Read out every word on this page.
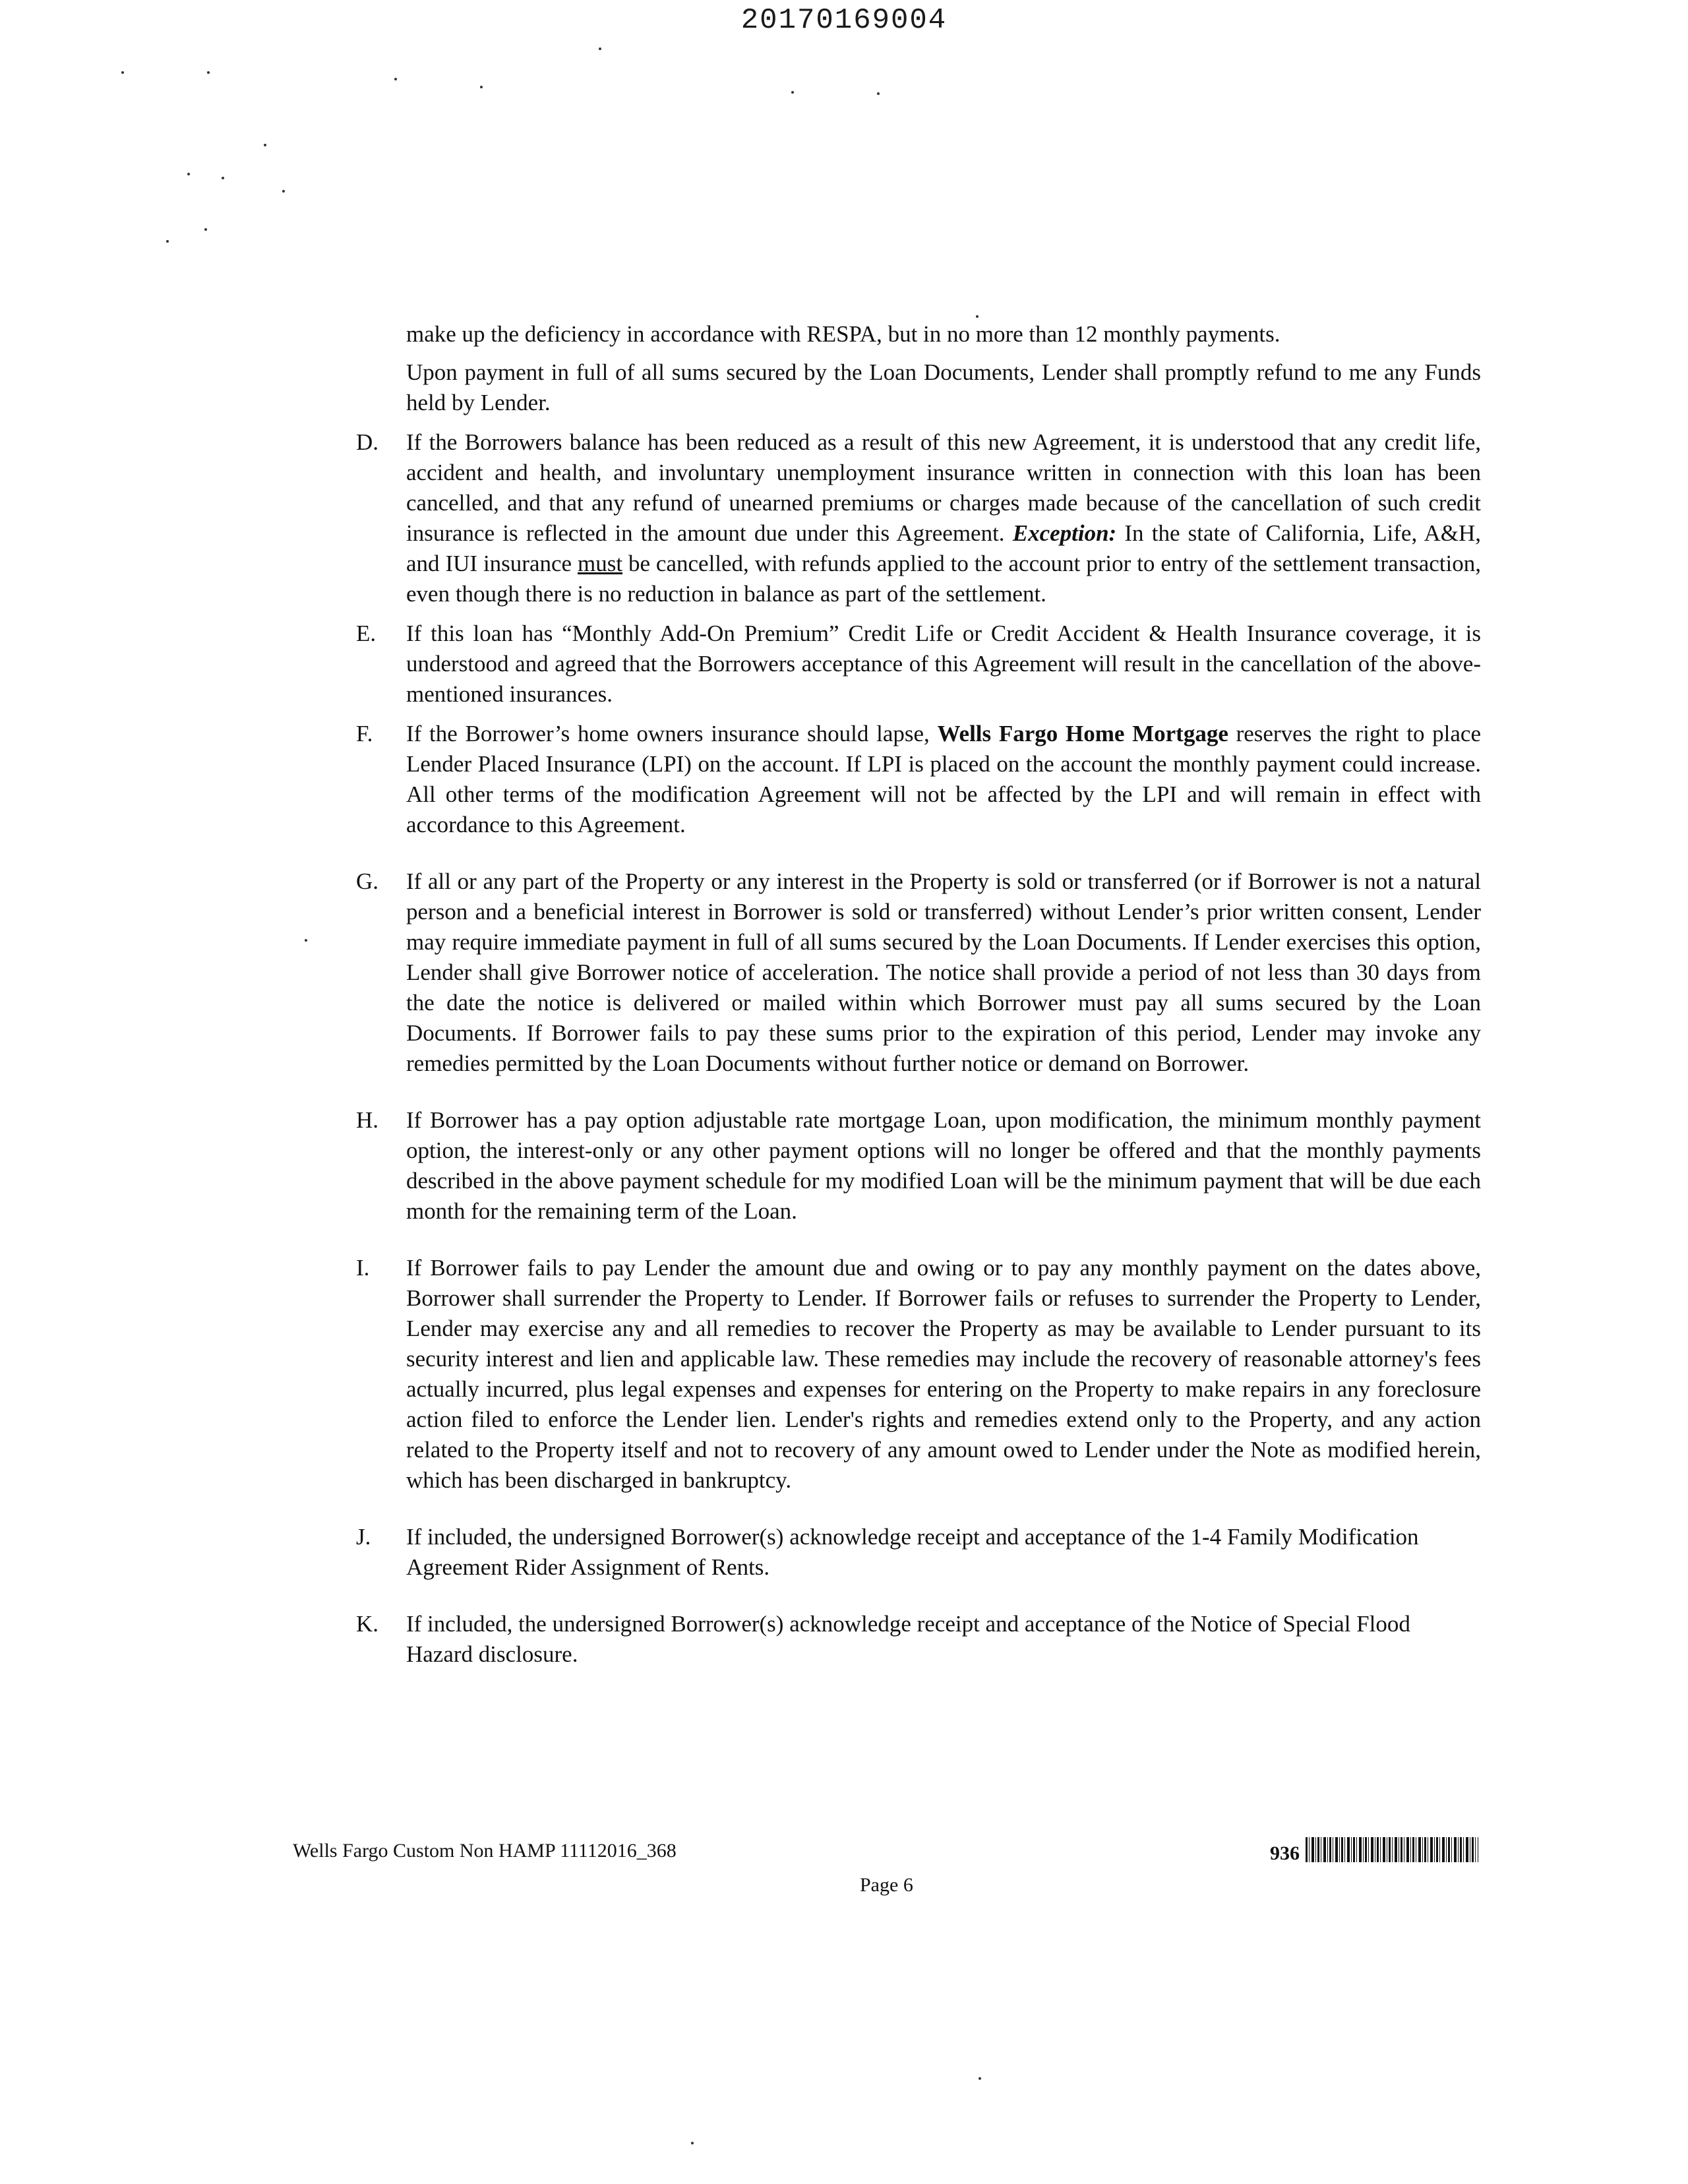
20170169004

make up the deficiency in accordance with RESPA, but in no more than 12 monthly payments.

Upon payment in full of all sums secured by the Loan Documents, Lender shall promptly refund to me any Funds held by Lender.

D.	If the Borrowers balance has been reduced as a result of this new Agreement, it is understood that any credit life, accident and health, and involuntary unemployment insurance written in connection with this loan has been cancelled, and that any refund of unearned premiums or charges made because of the cancellation of such credit insurance is reflected in the amount due under this Agreement. Exception: In the state of California, Life, A&H, and IUI insurance must be cancelled, with refunds applied to the account prior to entry of the settlement transaction, even though there is no reduction in balance as part of the settlement.
E.	If this loan has “Monthly Add-On Premium” Credit Life or Credit Accident & Health Insurance coverage, it is understood and agreed that the Borrowers acceptance of this Agreement will result in the cancellation of the above-mentioned insurances.
F.	If the Borrower’s home owners insurance should lapse, Wells Fargo Home Mortgage reserves the right to place Lender Placed Insurance (LPI) on the account. If LPI is placed on the account the monthly payment could increase. All other terms of the modification Agreement will not be affected by the LPI and will remain in effect with accordance to this Agreement.
G.	If all or any part of the Property or any interest in the Property is sold or transferred (or if Borrower is not a natural person and a beneficial interest in Borrower is sold or transferred) without Lender’s prior written consent, Lender may require immediate payment in full of all sums secured by the Loan Documents. If Lender exercises this option, Lender shall give Borrower notice of acceleration. The notice shall provide a period of not less than 30 days from the date the notice is delivered or mailed within which Borrower must pay all sums secured by the Loan Documents. If Borrower fails to pay these sums prior to the expiration of this period, Lender may invoke any remedies permitted by the Loan Documents without further notice or demand on Borrower.
H.	If Borrower has a pay option adjustable rate mortgage Loan, upon modification, the minimum monthly payment option, the interest-only or any other payment options will no longer be offered and that the monthly payments described in the above payment schedule for my modified Loan will be the minimum payment that will be due each month for the remaining term of the Loan.
I.	If Borrower fails to pay Lender the amount due and owing or to pay any monthly payment on the dates above, Borrower shall surrender the Property to Lender. If Borrower fails or refuses to surrender the Property to Lender, Lender may exercise any and all remedies to recover the Property as may be available to Lender pursuant to its security interest and lien and applicable law. These remedies may include the recovery of reasonable attorney's fees actually incurred, plus legal expenses and expenses for entering on the Property to make repairs in any foreclosure action filed to enforce the Lender lien. Lender's rights and remedies extend only to the Property, and any action related to the Property itself and not to recovery of any amount owed to Lender under the Note as modified herein, which has been discharged in bankruptcy.
J.	If included, the undersigned Borrower(s) acknowledge receipt and acceptance of the 1-4 Family Modification Agreement Rider Assignment of Rents.
K.	If included, the undersigned Borrower(s) acknowledge receipt and acceptance of the Notice of Special Flood Hazard disclosure.
Wells Fargo Custom Non HAMP 11112016_368	936
Page 6
